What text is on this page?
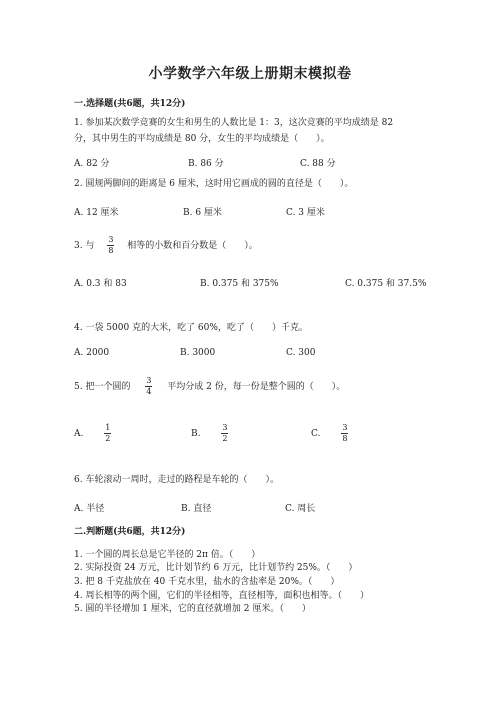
小学数学六年级上册期末模拟卷
一.选择题(共6题，共12分)
1. 参加某次数学竞赛的女生和男生的人数比是 1：3，这次竞赛的平均成绩是 82
分，其中男生的平均成绩是 80 分，女生的平均成绩是（　　）。
A. 82 分	B. 86 分	C. 88 分
2. 圆规两脚间的距离是 6 厘米，这时用它画成的圆的直径是（　　）。
A. 12 厘米	B. 6 厘米	C. 3 厘米
3. 与 $\frac{3}{8}$ 相等的小数和百分数是（　　）。
A. 0.3 和 83	B. 0.375 和 375%	C. 0.375 和 37.5%
4. 一袋 5000 克的大米，吃了 60%，吃了（　　）千克。
A. 2000	B. 3000	C. 300
5. 把一个圆的 $\frac{3}{4}$ 平均分成 2 份，每一份是整个圆的（　　）。
A.	$\frac{1}{2}$	B.	$\frac{3}{2}$	C.	$\frac{3}{8}$
6. 车轮滚动一周时，走过的路程是车轮的（　　）。
A. 半径	B. 直径	C. 周长
二.判断题(共6题，共12分)
1. 一个圆的周长总是它半径的 2π 倍。（　　）
2. 实际投资 24 万元，比计划节约 6 万元，比计划节约 25%。（　　）
3. 把 8 千克盐放在 40 千克水里，盐水的含盐率是 20%。（　　）
4. 周长相等的两个圆，它们的半径相等，直径相等，面积也相等。（　　）
5. 圆的半径增加 1 厘米，它的直径就增加 2 厘米。（　　）
